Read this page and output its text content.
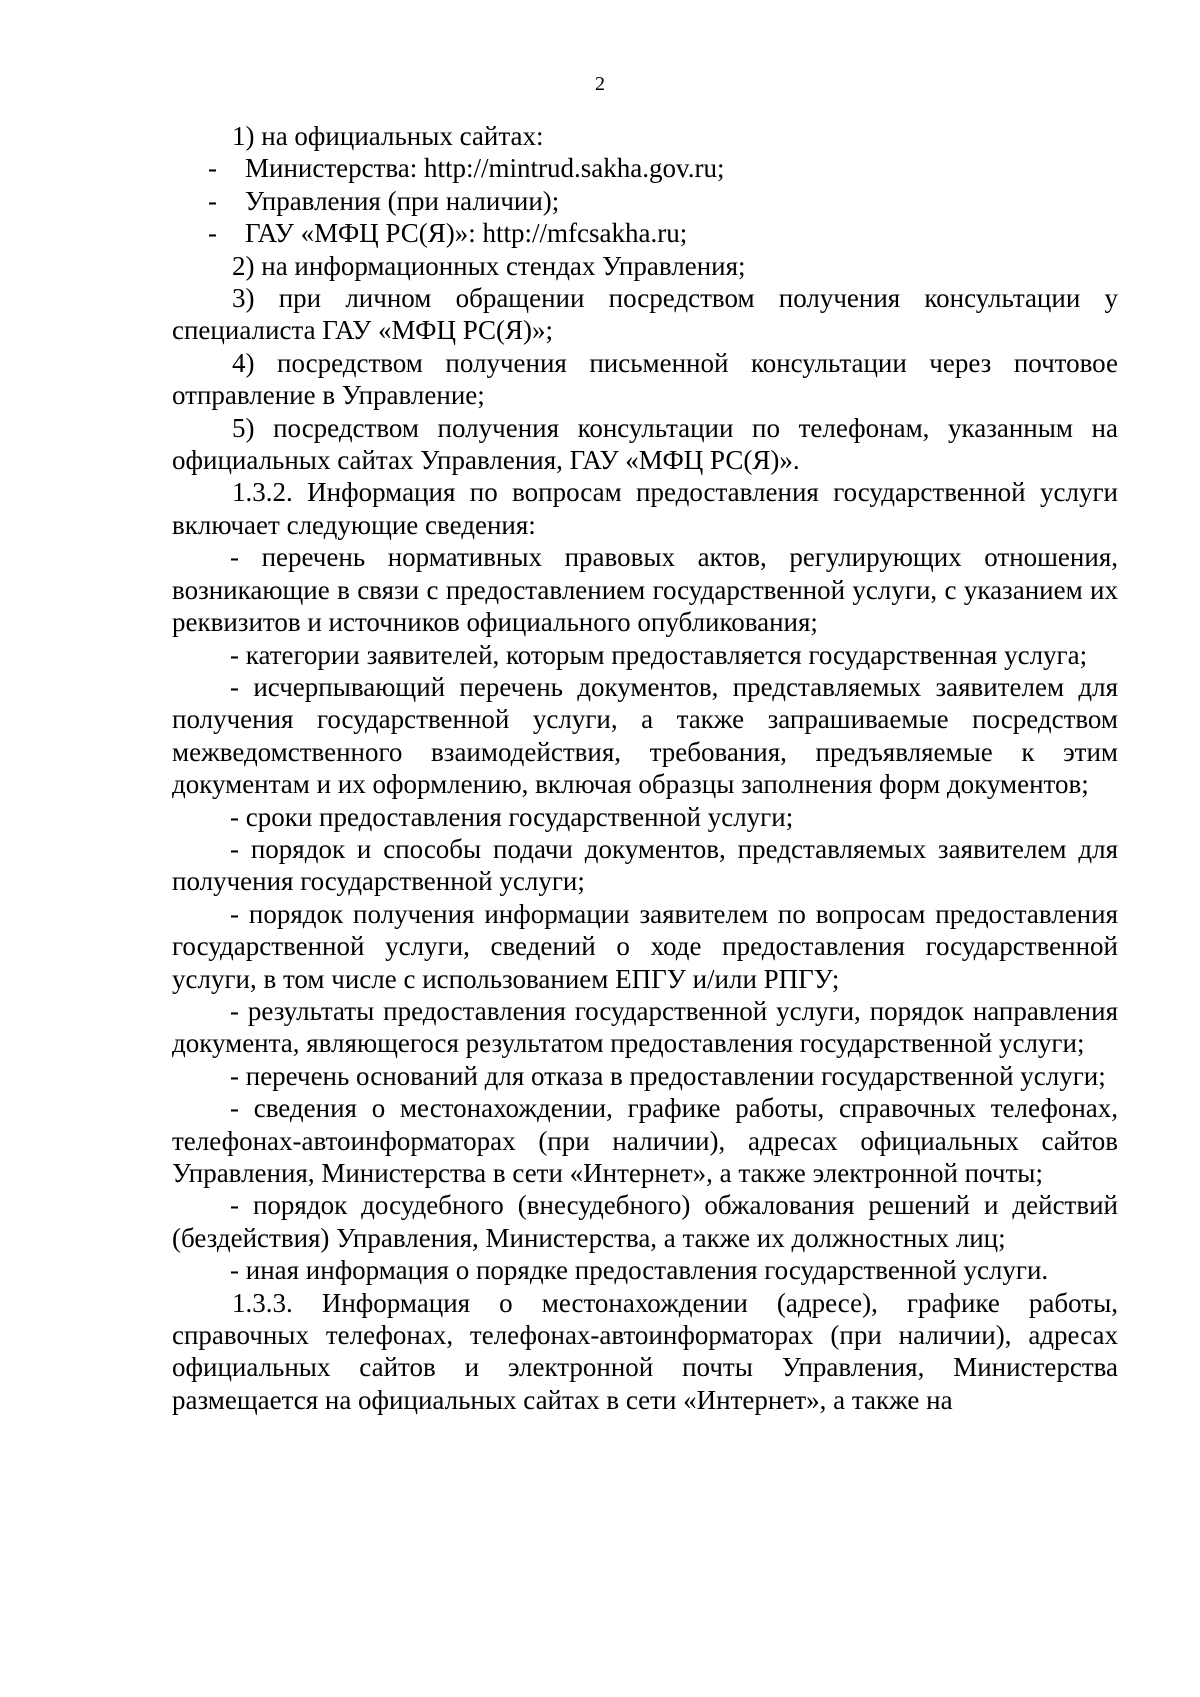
2

1) на официальных сайтах:

- Министерства: http://mintrud.sakha.gov.ru;

- Управления (при наличии);

- ГАУ «МФЦ РС(Я)»: http://mfcsakha.ru;

2) на информационных стендах Управления;

3) при личном обращении посредством получения консультации у специалиста ГАУ «МФЦ РС(Я)»;

4) посредством получения письменной консультации через почтовое отправление в Управление;

5) посредством получения консультации по телефонам, указанным на официальных сайтах Управления, ГАУ «МФЦ РС(Я)».

1.3.2. Информация по вопросам предоставления государственной услуги включает следующие сведения:

- перечень нормативных правовых актов, регулирующих отношения, возникающие в связи с предоставлением государственной услуги, с указанием их реквизитов и источников официального опубликования;

- категории заявителей, которым предоставляется государственная услуга;

- исчерпывающий перечень документов, представляемых заявителем для получения государственной услуги, а также запрашиваемые посредством межведомственного взаимодействия, требования, предъявляемые к этим документам и их оформлению, включая образцы заполнения форм документов;

- сроки предоставления государственной услуги;

- порядок и способы подачи документов, представляемых заявителем для получения государственной услуги;

- порядок получения информации заявителем по вопросам предоставления государственной услуги, сведений о ходе предоставления государственной услуги, в том числе с использованием ЕПГУ и/или РПГУ;

- результаты предоставления государственной услуги, порядок направления документа, являющегося результатом предоставления государственной услуги;

- перечень оснований для отказа в предоставлении государственной услуги;

- сведения о местонахождении, графике работы, справочных телефонах, телефонах-автоинформаторах (при наличии), адресах официальных сайтов Управления, Министерства в сети «Интернет», а также электронной почты;

- порядок досудебного (внесудебного) обжалования решений и действий (бездействия) Управления, Министерства, а также их должностных лиц;

- иная информация о порядке предоставления государственной услуги.

1.3.3. Информация о местонахождении (адресе), графике работы, справочных телефонах, телефонах-автоинформаторах (при наличии), адресах официальных сайтов и электронной почты Управления, Министерства размещается на официальных сайтах в сети «Интернет», а также на
